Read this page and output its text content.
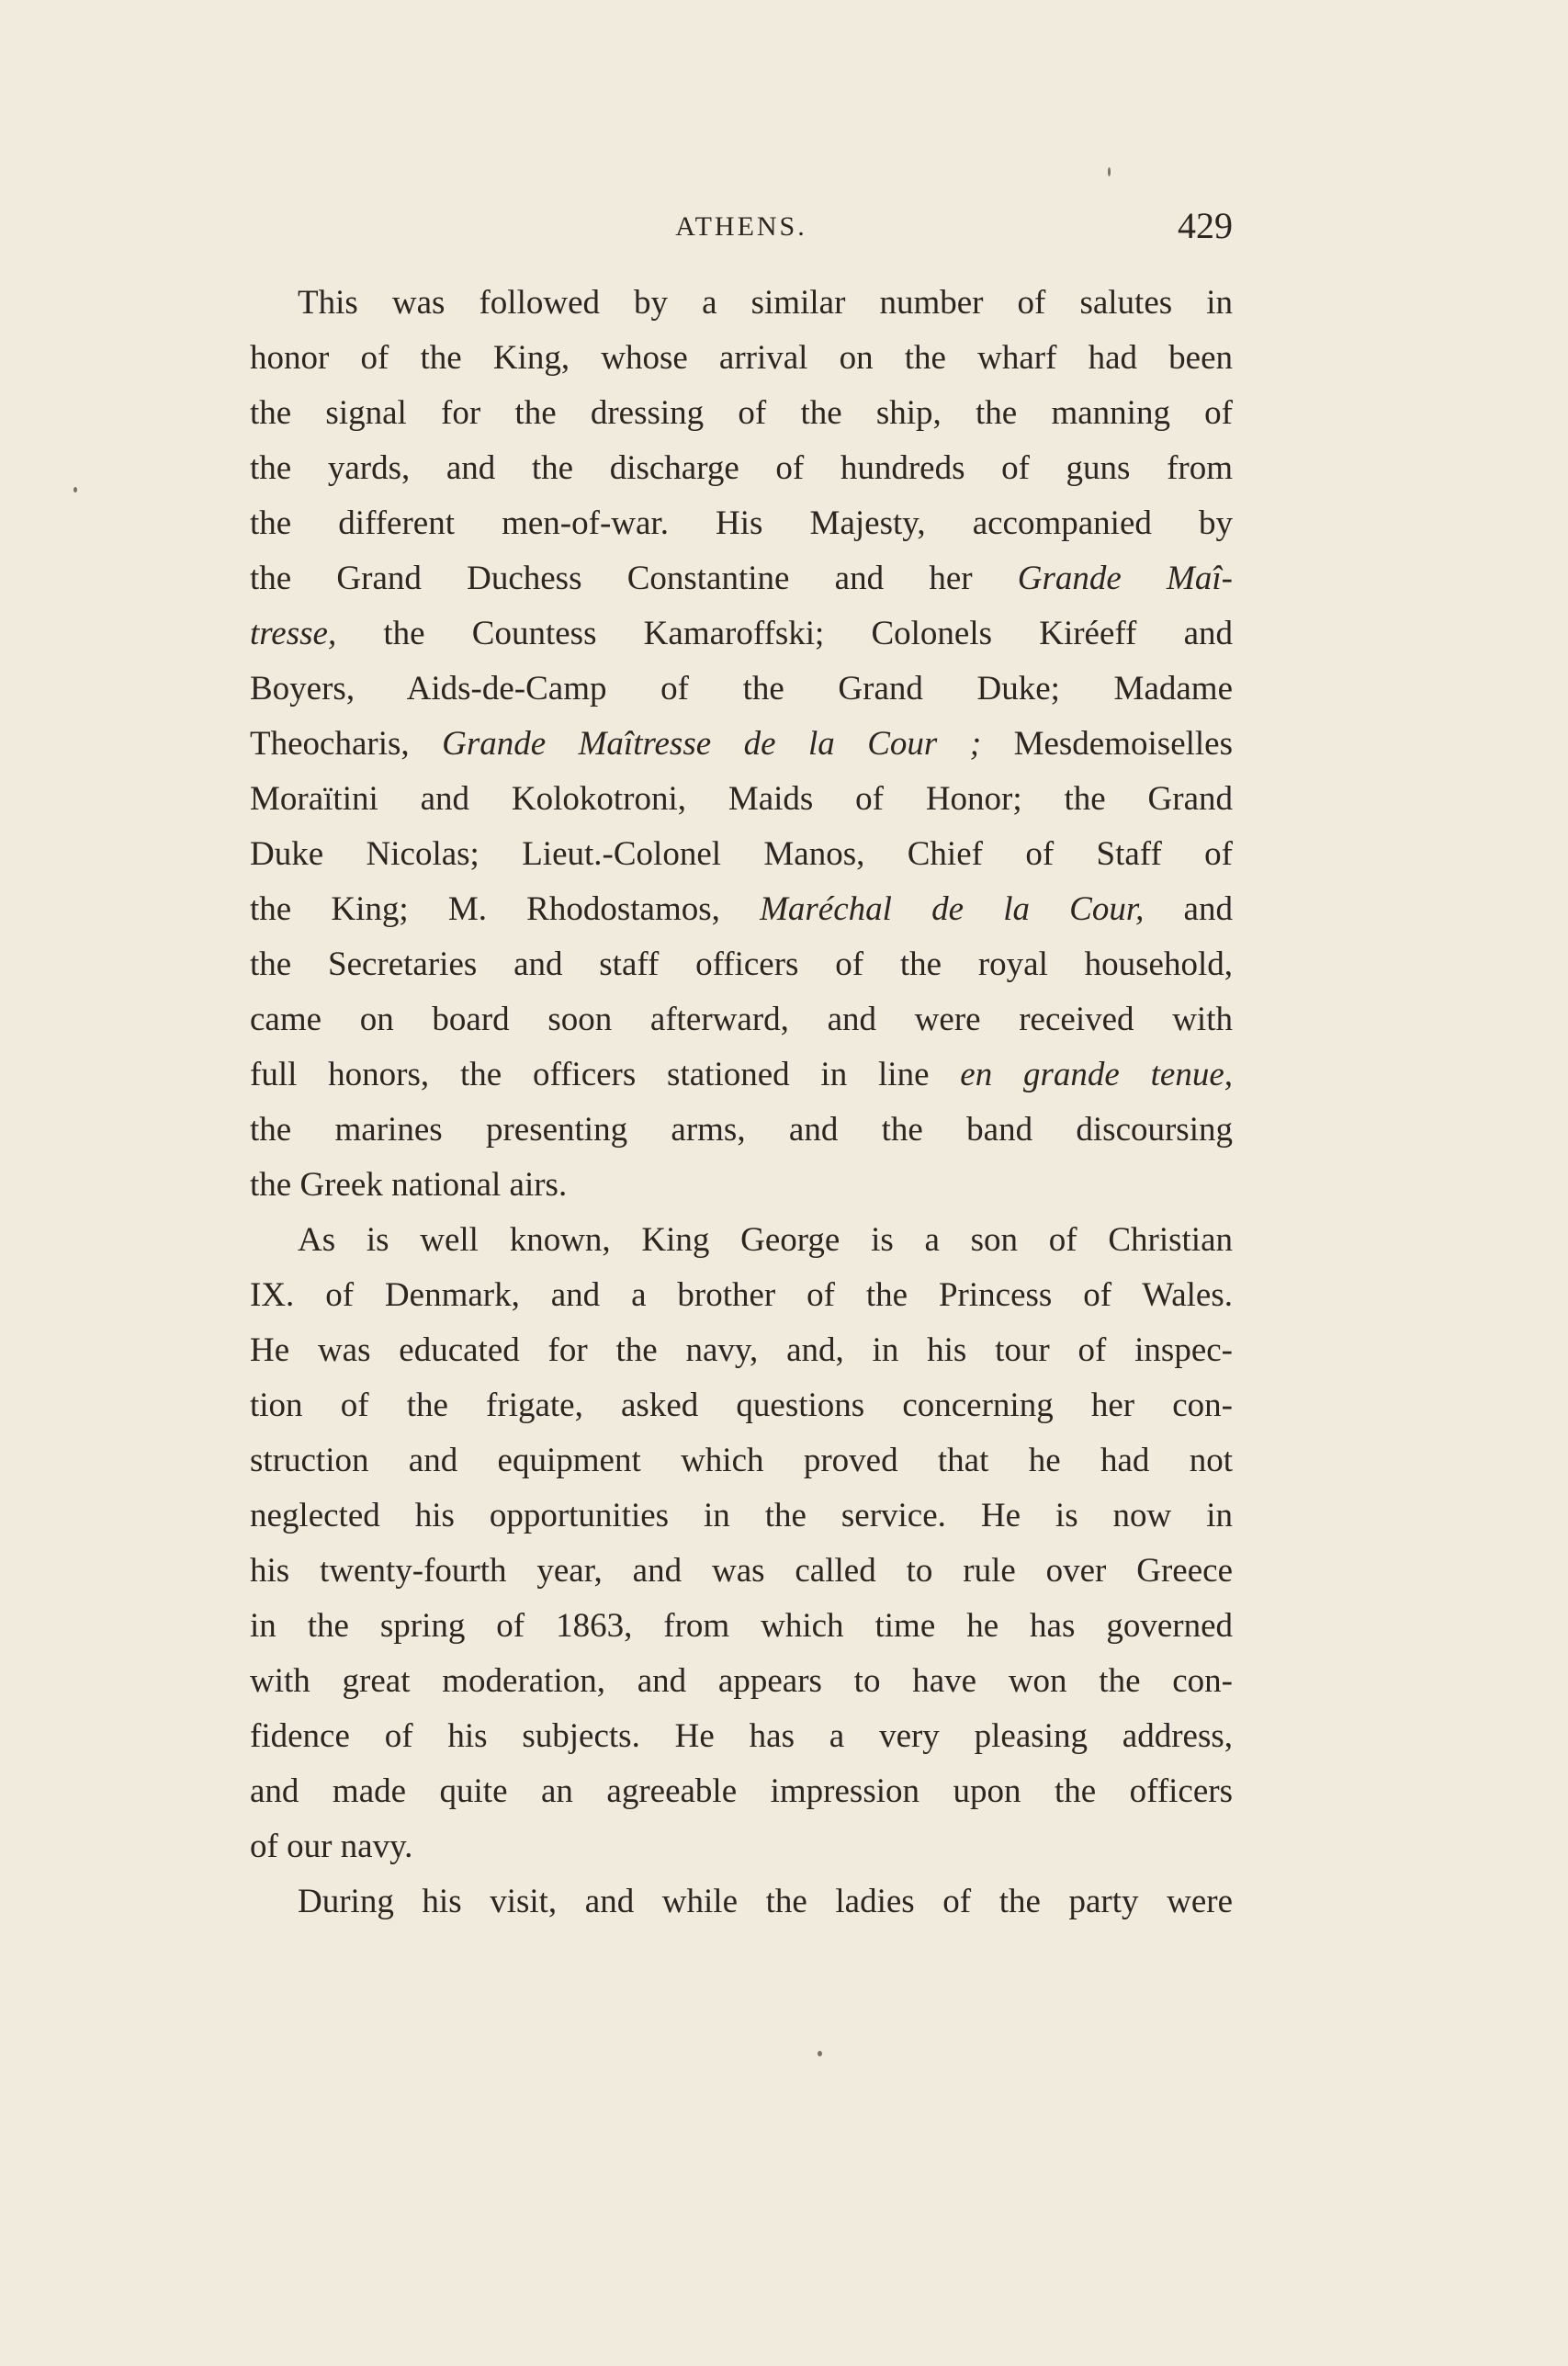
ATHENS.	429
This was followed by a similar number of salutes in
honor of the King, whose arrival on the wharf had been
the signal for the dressing of the ship, the manning of
the yards, and the discharge of hundreds of guns from
the different men-of-war. His Majesty, accompanied by
the Grand Duchess Constantine and her Grande Maî-
tresse, the Countess Kamaroffski; Colonels Kiréeff and
Boyers, Aids-de-Camp of the Grand Duke; Madame
Theocharis, Grande Maîtresse de la Cour ; Mesdemoiselles
Moraïtini and Kolokotroni, Maids of Honor; the Grand
Duke Nicolas; Lieut.-Colonel Manos, Chief of Staff of
the King; M. Rhodostamos, Maréchal de la Cour, and
the Secretaries and staff officers of the royal household,
came on board soon afterward, and were received with
full honors, the officers stationed in line en grande tenue,
the marines presenting arms, and the band discoursing
the Greek national airs.
As is well known, King George is a son of Christian
IX. of Denmark, and a brother of the Princess of Wales.
He was educated for the navy, and, in his tour of inspec-
tion of the frigate, asked questions concerning her con-
struction and equipment which proved that he had not
neglected his opportunities in the service. He is now in
his twenty-fourth year, and was called to rule over Greece
in the spring of 1863, from which time he has governed
with great moderation, and appears to have won the con-
fidence of his subjects. He has a very pleasing address,
and made quite an agreeable impression upon the officers
of our navy.
During his visit, and while the ladies of the party were
